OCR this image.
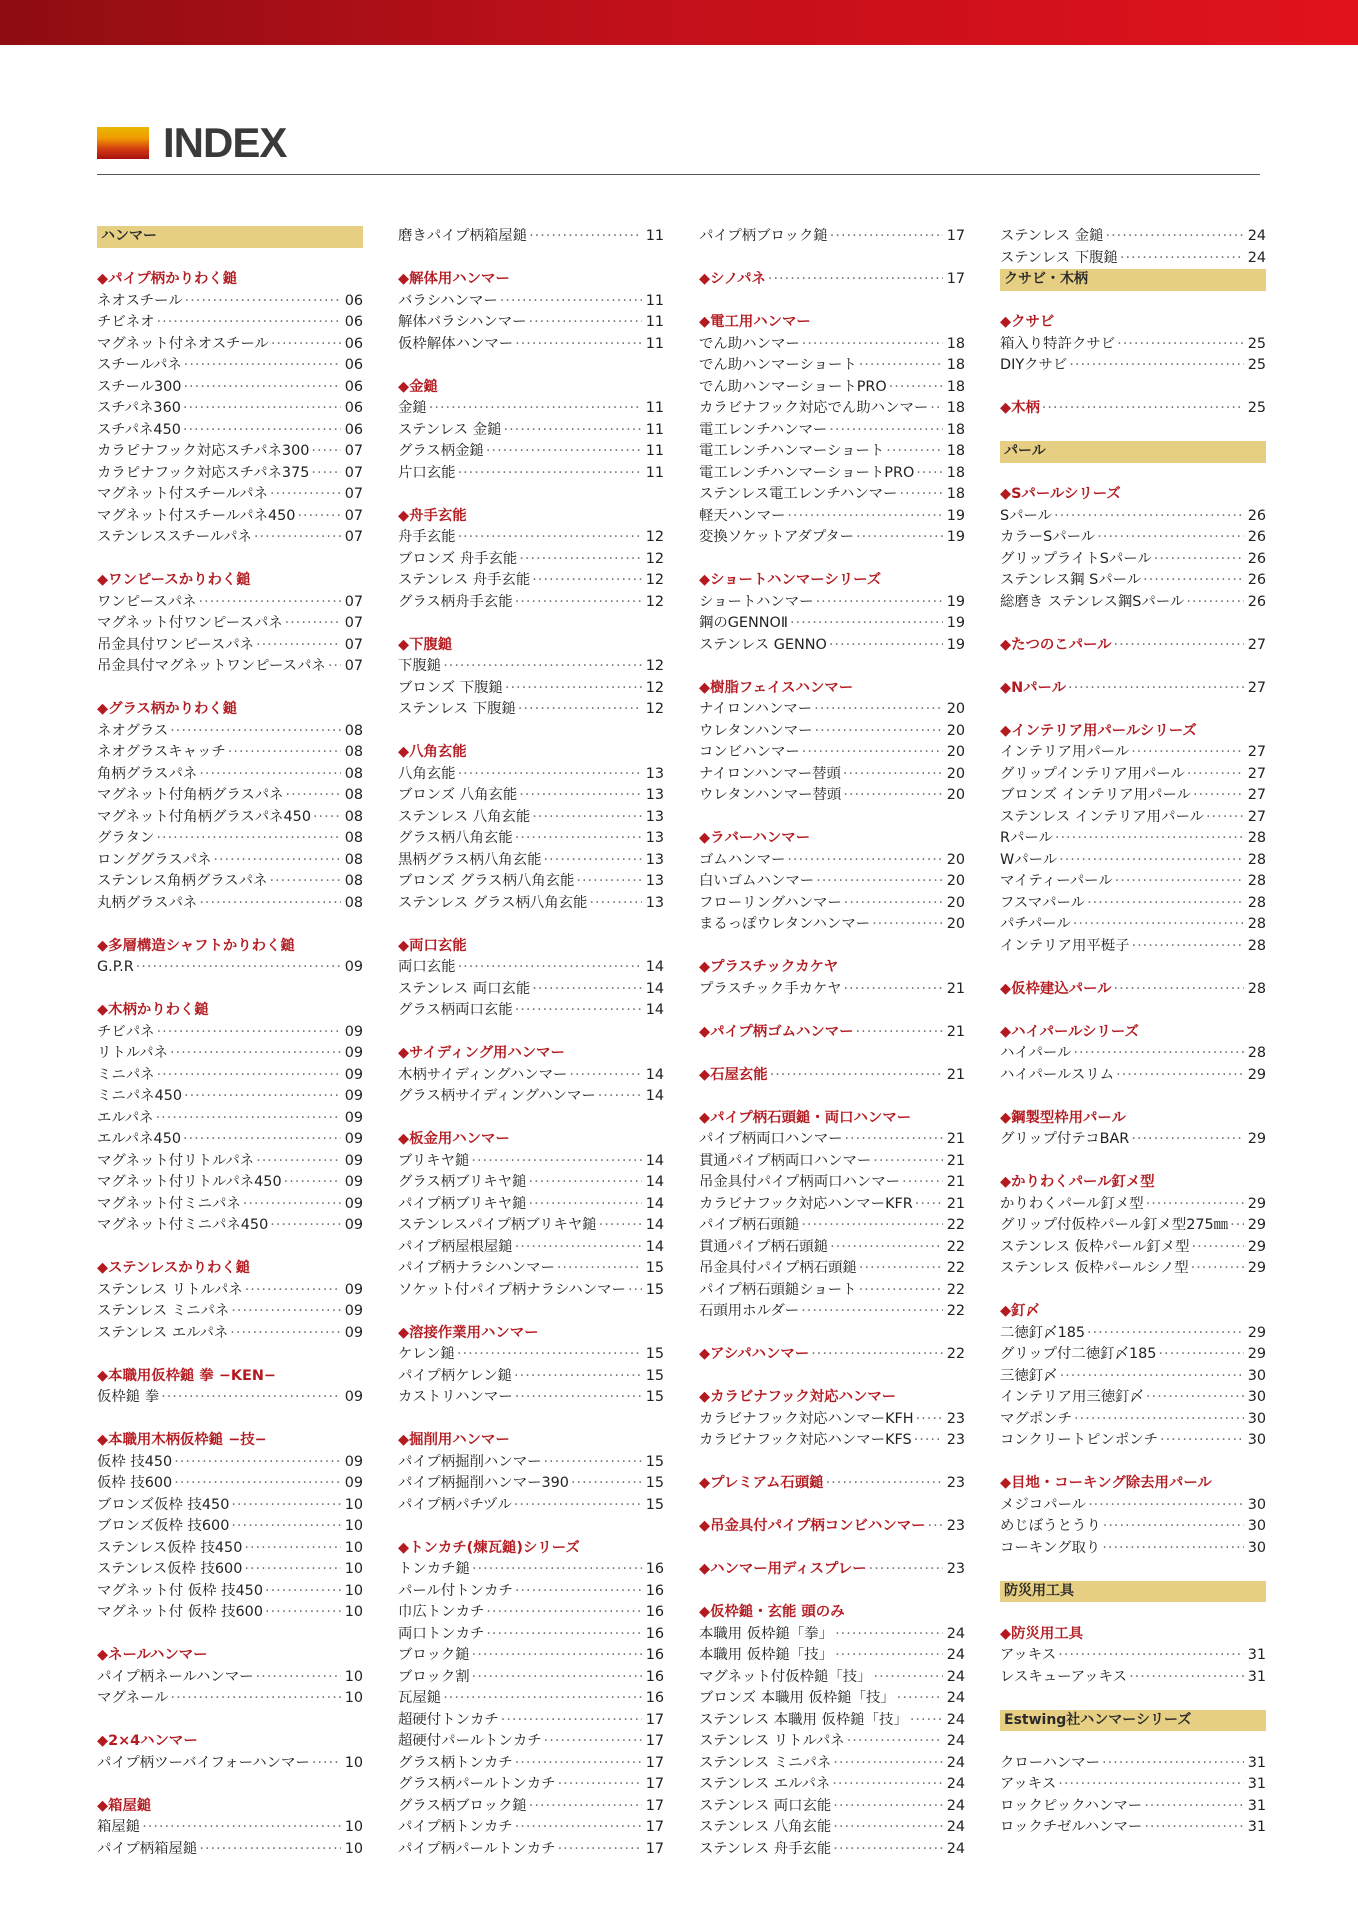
INDEX
ハンマー
◆パイプ柄かりわく鎚
ネオスチール ·····	06
チビネオ ·····	06
マグネット付ネオスチール ·····	06
スチールパネ ·····	06
スチール300 ·····	06
スチパネ360 ·····	06
スチパネ450 ·····	06
カラピナフック対応スチパネ300 ····· 07
カラピナフック対応スチパネ375 ····· 07
マグネット付スチールパネ ·····	07
マグネット付スチールパネ450 ·····	07
ステンレススチールパネ ·····	07
◆ワンピースかりわく鎚
ワンピースパネ ·····	07
マグネット付ワンピースパネ ·····	07
吊金具付ワンピースパネ ·····	07
吊金具付マグネットワンピースパネ ····· 07
◆グラス柄かりわく鎚
ネオグラス ·····	08
ネオグラスキャッチ ·····	08
角柄グラスパネ ·····	08
マグネット付角柄グラスパネ ·····	08
マグネット付角柄グラスパネ450 ····· 08
グラタン ·····	08
ロンググラスパネ ·····	08
ステンレス角柄グラスパネ ·····	08
丸柄グラスパネ ·····	08
◆多層構造シャフトかりわく鎚
G.P.R ·····	09
◆木柄かりわく鎚
チビパネ ·····	09
リトルパネ ·····	09
ミニパネ ·····	09
ミニパネ450 ·····	09
エルパネ ·····	09
エルパネ450 ·····	09
マグネット付リトルパネ ·····	09
マグネット付リトルパネ450 ·····	09
マグネット付ミニパネ ·····	09
マグネット付ミニパネ450 ·····	09
◆ステンレスかりわく鎚
ステンレス リトルパネ ·····	09
ステンレス ミニパネ ·····	09
ステンレス エルパネ ·····	09
◆本職用仮枠鎚 拳 −KEN−
仮枠鎚 拳 ·····	09
◆本職用木柄仮枠鎚 −技−
仮枠 技450 ·····	09
仮枠 技600 ·····	09
ブロンズ仮枠 技450 ·····	10
ブロンズ仮枠 技600 ·····	10
ステンレス仮枠 技450 ·····	10
ステンレス仮枠 技600 ·····	10
マグネット付 仮枠 技450 ·····	10
マグネット付 仮枠 技600 ·····	10
◆ネールハンマー
パイプ柄ネールハンマー ·····	10
マグネール ·····	10
◆2×4ハンマー
パイプ柄ツーバイフォーハンマー ····· 10
◆箱屋鎚
箱屋鎚 ·····	10
パイプ柄箱屋鎚 ·····	10
磨きパイプ柄箱屋鎚 ·····	11
◆解体用ハンマー
バラシハンマー ·····	11
解体バラシハンマー ·····	11
仮枠解体ハンマー ·····	11
◆金鎚
金鎚 ·····	11
ステンレス 金鎚 ·····	11
グラス柄金鎚 ·····	11
片口玄能 ·····	11
◆舟手玄能
舟手玄能 ·····	12
ブロンズ 舟手玄能 ·····	12
ステンレス 舟手玄能 ·····	12
グラス柄舟手玄能 ·····	12
◆下腹鎚
下腹鎚 ·····	12
ブロンズ 下腹鎚 ·····	12
ステンレス 下腹鎚 ·····	12
◆八角玄能
八角玄能 ·····	13
ブロンズ 八角玄能 ·····	13
ステンレス 八角玄能 ·····	13
グラス柄八角玄能 ·····	13
黒柄グラス柄八角玄能 ·····	13
ブロンズ グラス柄八角玄能 ·····	13
ステンレス グラス柄八角玄能 ·····	13
◆両口玄能
両口玄能 ·····	14
ステンレス 両口玄能 ·····	14
グラス柄両口玄能 ·····	14
◆サイディング用ハンマー
木柄サイディングハンマー ·····	14
グラス柄サイディングハンマー ·····	14
◆板金用ハンマー
ブリキヤ鎚 ·····	14
グラス柄ブリキヤ鎚 ·····	14
パイプ柄ブリキヤ鎚 ·····	14
ステンレスパイプ柄ブリキヤ鎚 ·····	14
パイプ柄屋根屋鎚 ·····	14
パイプ柄ナラシハンマー ·····	15
ソケット付パイプ柄ナラシハンマー ····· 15
◆溶接作業用ハンマー
ケレン鎚 ·····	15
パイプ柄ケレン鎚 ·····	15
カストリハンマー ·····	15
◆掘削用ハンマー
パイプ柄掘削ハンマー ·····	15
パイプ柄掘削ハンマー390 ·····	15
パイプ柄パチヅル ·····	15
◆トンカチ(煉瓦鎚)シリーズ
トンカチ鎚 ·····	16
パール付トンカチ ·····	16
巾広トンカチ ·····	16
両口トンカチ ·····	16
ブロック鎚 ·····	16
ブロック割 ·····	16
瓦屋鎚 ·····	16
超硬付トンカチ ·····	17
超硬付パールトンカチ ·····	17
グラス柄トンカチ ·····	17
グラス柄パールトンカチ ·····	17
グラス柄ブロック鎚 ·····	17
パイプ柄トンカチ ·····	17
パイプ柄パールトンカチ ·····	17
パイプ柄ブロック鎚 ·····	17
◆シノパネ ·····	17
◆電工用ハンマー
でん助ハンマー ·····	18
でん助ハンマーショート ·····	18
でん助ハンマーショートPRO ·····	18
カラビナフック対応でん助ハンマー ····· 18
電工レンチハンマー ·····	18
電工レンチハンマーショート ·····	18
電工レンチハンマーショートPRO ····· 18
ステンレス電工レンチハンマー ·····	18
軽天ハンマー ·····	19
変換ソケットアダプター ·····	19
◆ショートハンマーシリーズ
ショートハンマー ·····	19
鋼のGENNOⅡ ·····	19
ステンレス GENNO ·····	19
◆樹脂フェイスハンマー
ナイロンハンマー ·····	20
ウレタンハンマー ·····	20
コンビハンマー ·····	20
ナイロンハンマー替頭 ·····	20
ウレタンハンマー替頭 ·····	20
◆ラバーハンマー
ゴムハンマー ·····	20
白いゴムハンマー ·····	20
フローリングハンマー ·····	20
まるっぽウレタンハンマー ·····	20
◆プラスチックカケヤ
プラスチック手カケヤ ·····	21
◆パイプ柄ゴムハンマー ·····	21
◆石屋玄能 ·····	21
◆パイプ柄石頭鎚・両口ハンマー
パイプ柄両口ハンマー ·····	21
貫通パイプ柄両口ハンマー ·····	21
吊金具付パイプ柄両口ハンマー ·····	21
カラビナフック対応ハンマーKFR ····· 21
パイプ柄石頭鎚 ·····	22
貫通パイプ柄石頭鎚 ·····	22
吊金具付パイプ柄石頭鎚 ·····	22
パイプ柄石頭鎚ショート ·····	22
石頭用ホルダー ·····	22
◆アシパハンマー ·····	22
◆カラビナフック対応ハンマー
カラビナフック対応ハンマーKFH ····· 23
カラビナフック対応ハンマーKFS ····· 23
◆プレミアム石頭鎚 ·····	23
◆吊金具付パイプ柄コンビハンマー ····· 23
◆ハンマー用ディスプレー ·····	23
◆仮枠鎚・玄能 頭のみ
本職用 仮枠鎚「拳」 ·····	24
本職用 仮枠鎚「技」 ·····	24
マグネット付仮枠鎚「技」 ·····	24
ブロンズ 本職用 仮枠鎚「技」 ·····	24
ステンレス 本職用 仮枠鎚「技」 ·····	24
ステンレス リトルパネ ·····	24
ステンレス ミニパネ ·····	24
ステンレス エルパネ ·····	24
ステンレス 両口玄能 ·····	24
ステンレス 八角玄能 ·····	24
ステンレス 舟手玄能 ·····	24
ステンレス 金鎚 ·····	24
ステンレス 下腹鎚 ·····	24
クサビ・木柄
◆クサビ
箱入り特許クサビ ·····	25
DIYクサビ ·····	25
◆木柄 ·····	25
パール
◆Sパールシリーズ
Sパール ·····	26
カラーSパール ·····	26
グリップライトSパール ·····	26
ステンレス鋼 Sパール ·····	26
総磨き ステンレス鋼Sパール ·····	26
◆たつのこパール ·····	27
◆Nパール ·····	27
◆インテリア用パールシリーズ
インテリア用パール ·····	27
グリップインテリア用パール ·····	27
ブロンズ インテリア用パール ·····	27
ステンレス インテリア用パール ·····	27
Rパール ·····	28
Wパール ·····	28
マイティーパール ·····	28
フスマパール ·····	28
パチパール ·····	28
インテリア用平梃子 ·····	28
◆仮枠建込パール ·····	28
◆ハイパールシリーズ
ハイパール ·····	28
ハイパールスリム ·····	29
◆鋼製型枠用パール
グリップ付テコBAR ·····	29
◆かりわくパール釘メ型
かりわくパール釘メ型 ·····	29
グリップ付仮枠パール釘メ型275㎜ ····· 29
ステンレス 仮枠パール釘メ型 ·····	29
ステンレス 仮枠パールシノ型 ·····	29
◆釘〆
二徳釘〆185 ·····	29
グリップ付二徳釘〆185 ·····	29
三徳釘〆 ·····	30
インテリア用三徳釘〆 ·····	30
マグポンチ ·····	30
コンクリートピンポンチ ·····	30
◆目地・コーキング除去用パール
メジコパール ·····	30
めじぼうとうり ·····	30
コーキング取り ·····	30
防災用工具
◆防災用工具
アッキス ·····	31
レスキューアッキス ·····	31
Estwing社ハンマーシリーズ
クローハンマー ·····	31
アッキス ·····	31
ロックピックハンマー ·····	31
ロックチゼルハンマー ·····	31
